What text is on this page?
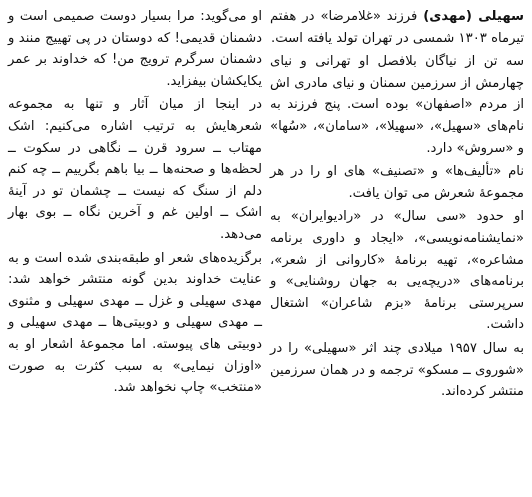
سهیلی (مهدی) فرزند «غلامرضا» در هفتم تیرماه ۱۳۰۳ شمسی در تهران تولد یافته است.

سه تن از نیاگان بلافصل او تهرانی و نیای چهارمش از سرزمین سمنان و نیای مادری اش از مردم «اصفهان» بوده است. پنج فرزند به نام‌های «سهیل»، «سهیلا»، «سامان»، «سُها» و «سروش» دارد.

نام «تألیف‌ها» و «تصنیف» های او را در هر مجموعهٔ شعرش می توان یافت.

او حدود «سی سال» در «رادیوایران» به «نمایشنامه‌نویسی»، «ایجاد و داوری برنامه مشاعره»، تهیه برنامهٔ «کاروانی از شعر»، برنامه‌های «دریچه‌یی به جهان روشنایی» و سرپرستی برنامهٔ «بزم شاعران» اشتغال داشت.

به سال ۱۹۵۷ میلادی چند اثر «سهیلی» را در «شوروی ــ مسکو» ترجمه و در همان سرزمین منتشر کرده‌اند.

او می‌گوید: مرا بسیار دوست صمیمی است و دشمنان قدیمی! که دوستان در پی تهییج منند و دشمنان سرگرم ترویج من! که خداوند بر عمر یکایکشان بیفزاید.

در اینجا از میان آثار و تنها به مجموعه شعرهایش به ترتیب اشاره می‌کنیم: اشک مهتاب ــ سرود قرن ــ نگاهی در سکوت ــ لحظه‌ها و صحنه‌ها ــ بیا باهم بگرییم ــ چه کنم دلم از سنگ که نیست ــ چشمان تو در آینهٔ اشک ــ اولین غم و آخرین نگاه ــ بوی بهار می‌دهد.

برگزیده‌های شعر او طبقه‌بندی شده است و به عنایت خداوند بدین گونه منتشر خواهد شد: مهدی سهیلی و غزل ــ مهدی سهیلی و مثنوی ــ مهدی سهیلی و دوبیتی‌ها ــ مهدی سهیلی و دوبیتی های پیوسته. اما مجموعهٔ اشعار او به «اوزان نیمایی» به سبب کثرت به صورت «منتخب» چاپ نخواهد شد.
